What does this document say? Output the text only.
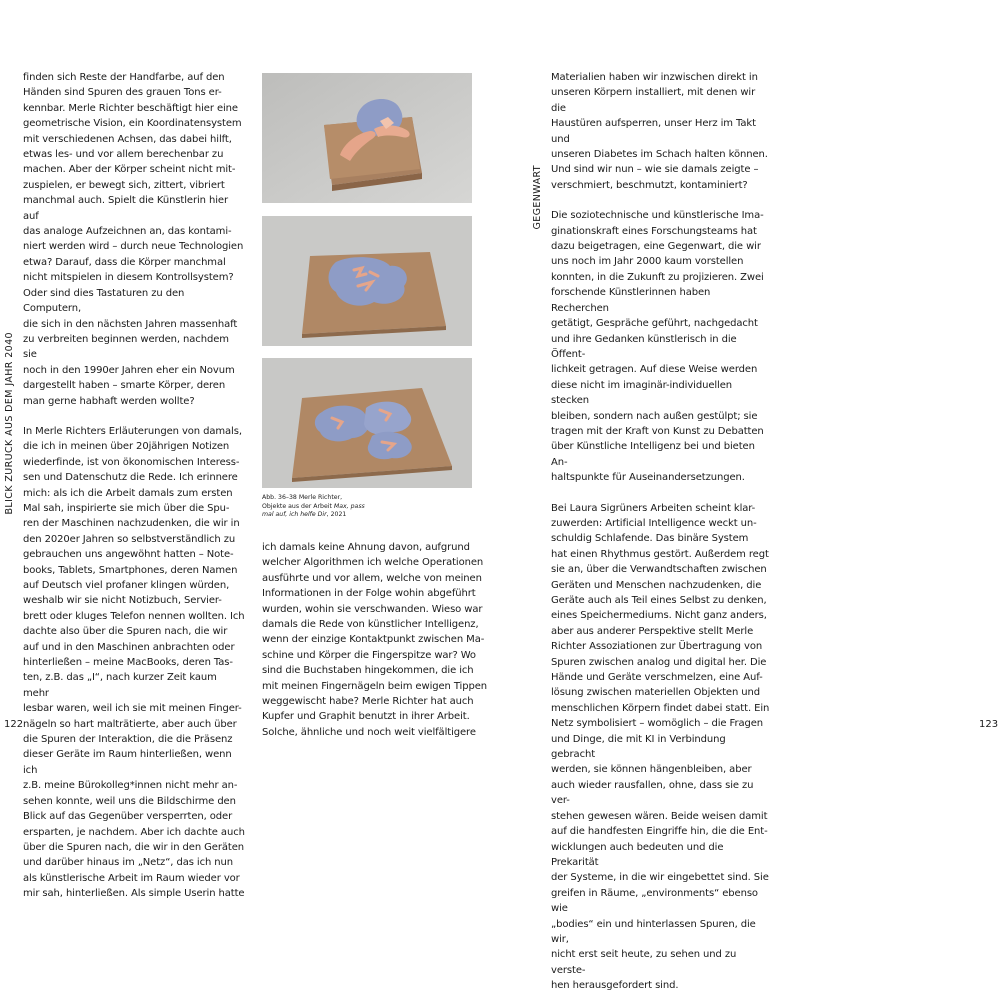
BLICK ZURÜCK AUS DEM JAHR 2040

finden sich Reste der Handfarbe, auf den
Händen sind Spuren des grauen Tons er-
kennbar. Merle Richter beschäftigt hier eine
geometrische Vision, ein Koordinatensystem
mit verschiedenen Achsen, das dabei hilft,
etwas les- und vor allem berechenbar zu
machen. Aber der Körper scheint nicht mit-
zuspielen, er bewegt sich, zittert, vibriert
manchmal auch. Spielt die Künstlerin hier auf
das analoge Aufzeichnen an, das kontami-
niert werden wird – durch neue Technologien
etwa? Darauf, dass die Körper manchmal
nicht mitspielen in diesem Kontrollsystem?
Oder sind dies Tastaturen zu den Computern,
die sich in den nächsten Jahren massenhaft
zu verbreiten beginnen werden, nachdem sie
noch in den 1990er Jahren eher ein Novum
dargestellt haben – smarte Körper, deren
man gerne habhaft werden wollte?

In Merle Richters Erläuterungen von damals,
die ich in meinen über 20jährigen Notizen
wiederfinde, ist von ökonomischen Interess-
sen und Datenschutz die Rede. Ich erinnere
mich: als ich die Arbeit damals zum ersten
Mal sah, inspirierte sie mich über die Spu-
ren der Maschinen nachzudenken, die wir in
den 2020er Jahren so selbstverständlich zu
gebrauchen uns angewöhnt hatten – Note-
books, Tablets, Smartphones, deren Namen
auf Deutsch viel profaner klingen würden,
weshalb wir sie nicht Notizbuch, Servier-
brett oder kluges Telefon nennen wollten. Ich
dachte also über die Spuren nach, die wir
auf und in den Maschinen anbrachten oder
hinterließen – meine MacBooks, deren Tas-
ten, z.B. das „I“, nach kurzer Zeit kaum mehr
lesbar waren, weil ich sie mit meinen Finger-
nägeln so hart malträtierte, aber auch über
die Spuren der Interaktion, die die Präsenz
dieser Geräte im Raum hinterließen, wenn ich
z.B. meine Bürokolleg*innen nicht mehr an-
sehen konnte, weil uns die Bildschirme den
Blick auf das Gegenüber versperrten, oder
ersparten, je nachdem. Aber ich dachte auch
über die Spuren nach, die wir in den Geräten
und darüber hinaus im „Netz“, das ich nun
als künstlerische Arbeit im Raum wieder vor
mir sah, hinterließen. Als simple Userin hatte

Abb. 36–38 Merle Richter,
Objekte aus der Arbeit Max, pass
mal auf, ich helfe Dir, 2021

ich damals keine Ahnung davon, aufgrund
welcher Algorithmen ich welche Operationen
ausführte und vor allem, welche von meinen
Informationen in der Folge wohin abgeführt
wurden, wohin sie verschwanden. Wieso war
damals die Rede von künstlicher Intelligenz,
wenn der einzige Kontaktpunkt zwischen Ma-
schine und Körper die Fingerspitze war? Wo
sind die Buchstaben hingekommen, die ich
mit meinen Fingernägeln beim ewigen Tippen
weggewischt habe? Merle Richter hat auch
Kupfer und Graphit benutzt in ihrer Arbeit.
Solche, ähnliche und noch weit vielfältigere

122
GEGENWART

Materialien haben wir inzwischen direkt in
unseren Körpern installiert, mit denen wir die
Haustüren aufsperren, unser Herz im Takt und
unseren Diabetes im Schach halten können.
Und sind wir nun – wie sie damals zeigte –
verschmiert, beschmutzt, kontaminiert?

Die soziotechnische und künstlerische Ima-
ginationskraft eines Forschungsteams hat
dazu beigetragen, eine Gegenwart, die wir
uns noch im Jahr 2000 kaum vorstellen
konnten, in die Zukunft zu projizieren. Zwei
forschende Künstlerinnen haben Recherchen
getätigt, Gespräche geführt, nachgedacht
und ihre Gedanken künstlerisch in die Öffent-
lichkeit getragen. Auf diese Weise werden
diese nicht im imaginär-individuellen stecken
bleiben, sondern nach außen gestülpt; sie
tragen mit der Kraft von Kunst zu Debatten
über Künstliche Intelligenz bei und bieten An-
haltspunkte für Auseinandersetzungen.

Bei Laura Sigrüners Arbeiten scheint klar-
zuwerden: Artificial Intelligence weckt un-
schuldig Schlafende. Das binäre System
hat einen Rhythmus gestört. Außerdem regt
sie an, über die Verwandtschaften zwischen
Geräten und Menschen nachzudenken, die
Geräte auch als Teil eines Selbst zu denken,
eines Speichermediums. Nicht ganz anders,
aber aus anderer Perspektive stellt Merle
Richter Assoziationen zur Übertragung von
Spuren zwischen analog und digital her. Die
Hände und Geräte verschmelzen, eine Auf-
lösung zwischen materiellen Objekten und
menschlichen Körpern findet dabei statt. Ein
Netz symbolisiert – womöglich – die Fragen
und Dinge, die mit KI in Verbindung gebracht
werden, sie können hängenbleiben, aber
auch wieder rausfallen, ohne, dass sie zu ver-
stehen gewesen wären. Beide weisen damit
auf die handfesten Eingriffe hin, die die Ent-
wicklungen auch bedeuten und die Prekarität
der Systeme, in die wir eingebettet sind. Sie
greifen in Räume, „environments“ ebenso wie
„bodies“ ein und hinterlassen Spuren, die wir,
nicht erst seit heute, zu sehen und zu verste-
hen herausgefordert sind.

123
